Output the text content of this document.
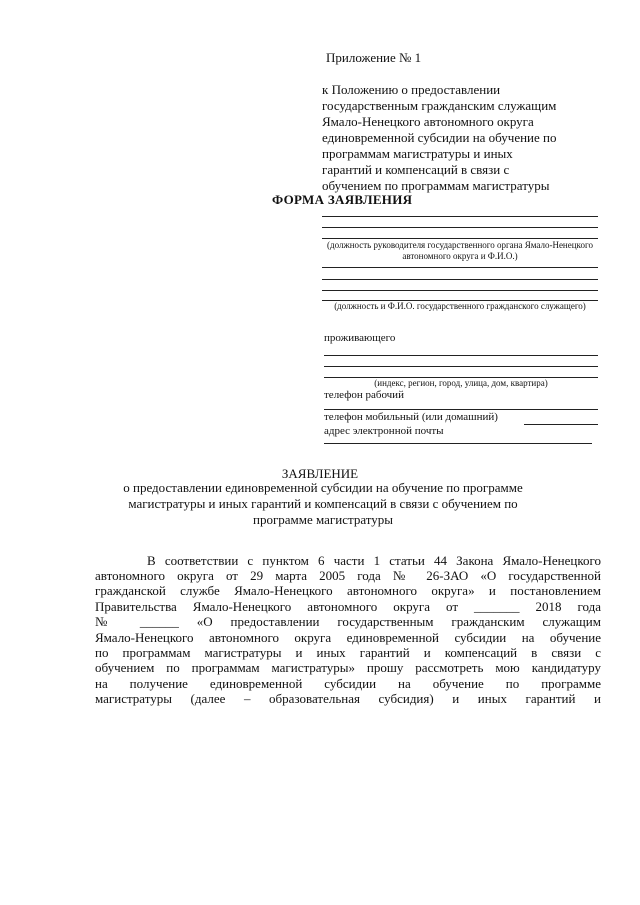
Приложение № 1
к Положению о предоставлении
государственным гражданским служащим
Ямало-Ненецкого автономного округа
единовременной субсидии на обучение по
программам магистратуры и иных
гарантий и компенсаций в связи с
обучением по программам магистратуры
ФОРМА ЗАЯВЛЕНИЯ
(должность руководителя государственного органа Ямало-Ненецкого автономного округа и Ф.И.О.)
(должность и Ф.И.О. государственного гражданского служащего)
проживающего
(индекс, регион, город, улица, дом, квартира)
телефон рабочий
телефон мобильный (или домашний)
адрес электронной почты
ЗАЯВЛЕНИЕ
о предоставлении единовременной субсидии на обучение по программе
магистратуры и иных гарантий и компенсаций в связи с обучением по
программе магистратуры
В соответствии с пунктом 6 части 1 статьи 44 Закона Ямало-Ненецкого
автономного округа от 29 марта 2005 года № 26-ЗАО «О государственной
гражданской службе Ямало-Ненецкого автономного округа» и постановлением
Правительства Ямало-Ненецкого автономного округа от _______ 2018 года
№ ______ «О предоставлении государственным гражданским служащим
Ямало-Ненецкого автономного округа единовременной субсидии на обучение
по программам магистратуры и иных гарантий и компенсаций в связи с
обучением по программам магистратуры» прошу рассмотреть мою кандидатуру
на получение единовременной субсидии на обучение по программе
магистратуры (далее – образовательная субсидия) и иных гарантий и
